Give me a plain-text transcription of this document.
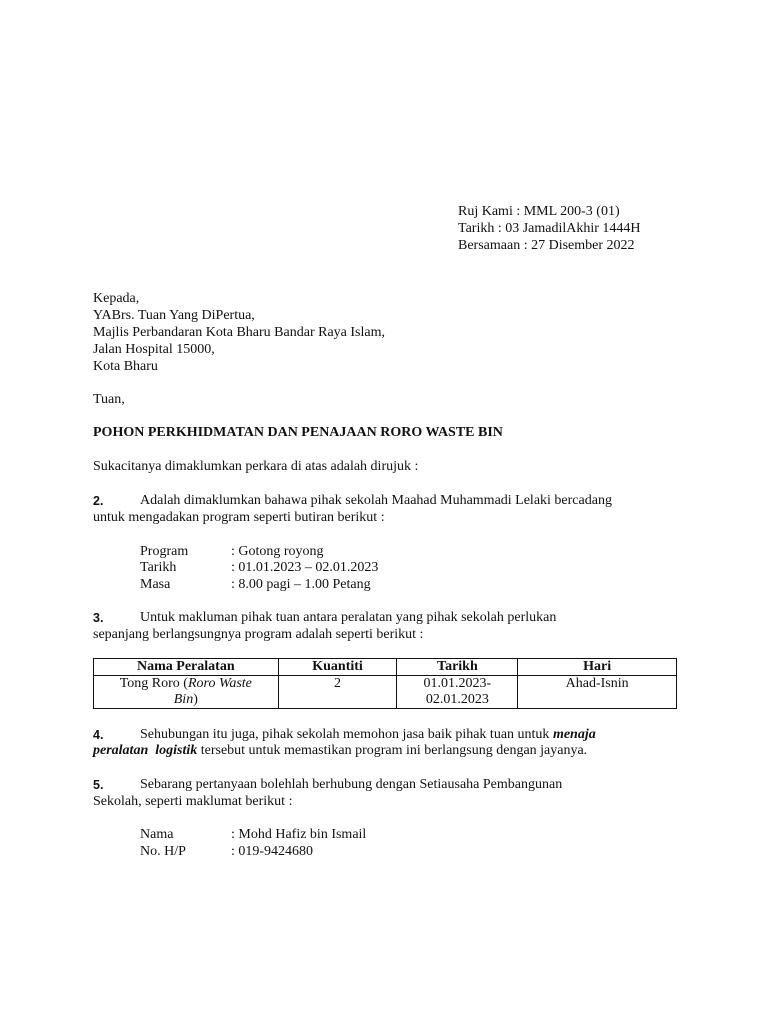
Ruj Kami : MML 200-3 (01)
Tarikh : 03 JamadilAkhir 1444H
Bersamaan : 27 Disember 2022
Kepada,
YABrs. Tuan Yang DiPertua,
Majlis Perbandaran Kota Bharu Bandar Raya Islam,
Jalan Hospital 15000,
Kota Bharu
Tuan,
POHON PERKHIDMATAN DAN PENAJAAN RORO WASTE BIN
Sukacitanya dimaklumkan perkara di atas adalah dirujuk :
2.	Adalah dimaklumkan bahawa pihak sekolah Maahad Muhammadi Lelaki bercadang
untuk mengadakan program seperti butiran berikut :
Program	: Gotong royong
Tarikh	: 01.01.2023 – 02.01.2023
Masa	: 8.00 pagi – 1.00 Petang
3.	Untuk makluman pihak tuan antara peralatan yang pihak sekolah perlukan
sepanjang berlangsungnya program adalah seperti berikut :
Nama Peralatan	Kuantiti	Tarikh	Hari
Tong Roro (Roro Waste
Bin)	2	01.01.2023-
02.01.2023	Ahad-Isnin
4.	Sehubungan itu juga, pihak sekolah memohon jasa baik pihak tuan untuk menaja
peralatan  logistik tersebut untuk memastikan program ini berlangsung dengan jayanya.
5.	Sebarang pertanyaan bolehlah berhubung dengan Setiausaha Pembangunan
Sekolah, seperti maklumat berikut :
Nama	: Mohd Hafiz bin Ismail
No. H/P	: 019-9424680
